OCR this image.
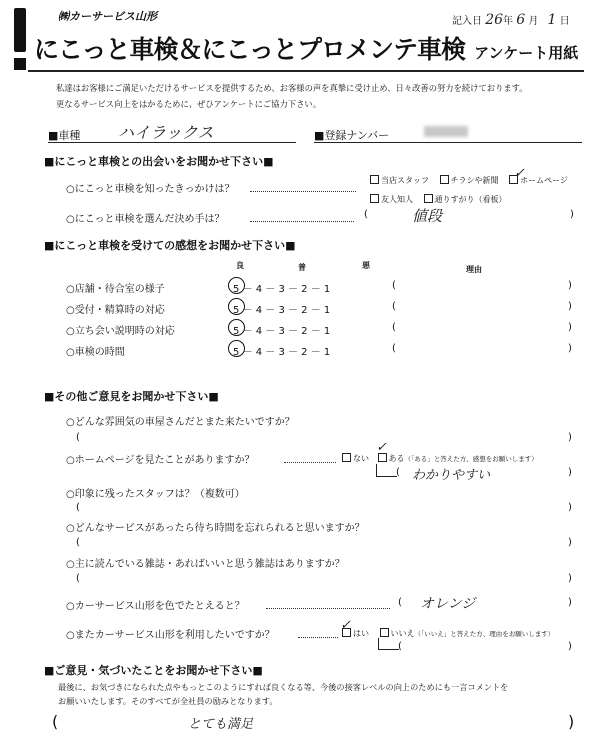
㈱カーサービス山形	記入日 26年 6 月 1 日
にこっと車検＆にこっとプロメンテ車検 アンケート用紙
私達はお客様にご満足いただけるサービスを提供するため、お客様の声を真摯に受け止め、日々改善の努力を続けております。
更なるサービス向上をはかるために、ぜひアンケートにご協力下さい。
■車種 ハイラックス	■登録ナンバー
■にこっと車検との出会いをお聞かせ下さい■
○にこっと車検を知ったきっかけは？
当店スタッフ	チラシや新聞	ホームページ
✓
友人知人	通りすがり（看板）
○にこっと車検を選んだ決め手は？	(	値段	)
■にこっと車検を受けての感想をお聞かせ下さい■
良	普	悪	理由
○店舗・待合室の様子	5 － 4 － 3 － 2 － 1	(	)
○受付・精算時の対応	5 － 4 － 3 － 2 － 1	(	)
○立ち会い説明時の対応	5 － 4 － 3 － 2 － 1	(	)
○車検の時間	5 － 4 － 3 － 2 － 1	(	)
■その他ご意見をお聞かせ下さい■
○どんな雰囲気の車屋さんだとまた来たいですか？
(	)
○ホームページを見たことがありますか？	ない ある（「ある」と答えた方、感想をお願いします）
✓
( わかりやすい	)
○印象に残ったスタッフは？（複数可）
(	)
○どんなサービスがあったら待ち時間を忘れられると思いますか？
(	)
○主に読んでいる雑誌・あればいいと思う雑誌はありますか？
(	)
○カーサービス山形を色でたとえると？	( オレンジ	)
○またカーサービス山形を利用したいですか？	はい	いいえ（「いいえ」と答えた方、理由をお願いします）
✓
(	)
■ご意見・気づいたことをお聞かせ下さい■
最後に、お気づきになられた点やもっとこのようにすれば良くなる等、今後の接客レベルの向上のためにも一言コメントを
お願いいたします。そのすべてが全社員の励みとなります。
(	とても満足	)
